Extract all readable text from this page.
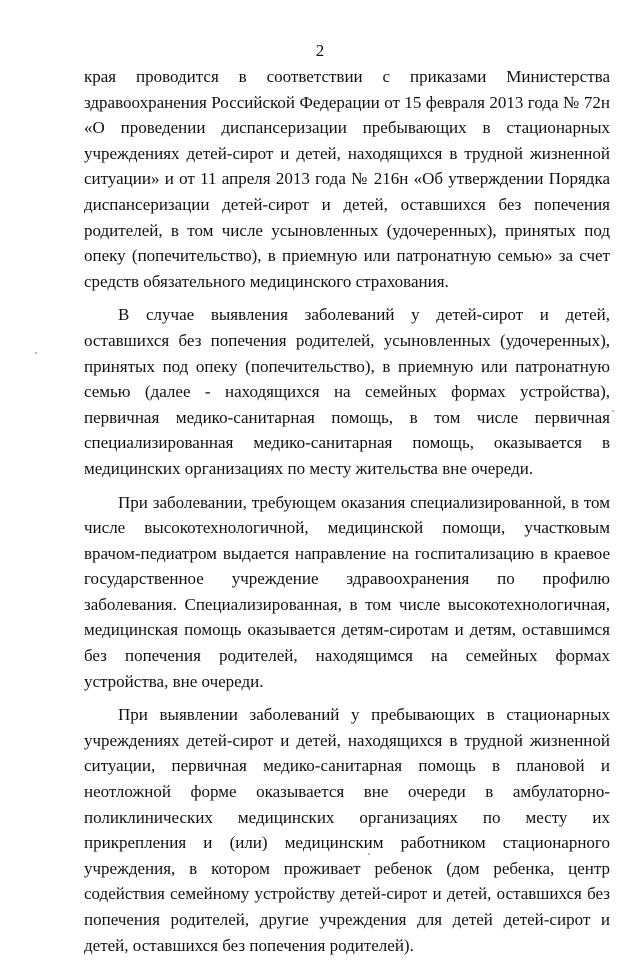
2

края проводится в соответствии с приказами Министерства здравоохранения Российской Федерации от 15 февраля 2013 года № 72н «О проведении диспансеризации пребывающих в стационарных учреждениях детей-сирот и детей, находящихся в трудной жизненной ситуации» и от 11 апреля 2013 года № 216н «Об утверждении Порядка диспансеризации детей-сирот и детей, оставшихся без попечения родителей, в том числе усыновленных (удочеренных), принятых под опеку (попечительство), в приемную или патронатную семью» за счет средств обязательного медицинского страхования.

В случае выявления заболеваний у детей-сирот и детей, оставшихся без попечения родителей, усыновленных (удочеренных), принятых под опеку (попечительство), в приемную или патронатную семью (далее - находящихся на семейных формах устройства), первичная медико-санитарная помощь, в том числе первичная специализированная медико-санитарная помощь, оказывается в медицинских организациях по месту жительства вне очереди.

При заболевании, требующем оказания специализированной, в том числе высокотехнологичной, медицинской помощи, участковым врачом-педиатром выдается направление на госпитализацию в краевое государственное учреждение здравоохранения по профилю заболевания. Специализированная, в том числе высокотехнологичная, медицинская помощь оказывается детям-сиротам и детям, оставшимся без попечения родителей, находящимся на семейных формах устройства, вне очереди.

При выявлении заболеваний у пребывающих в стационарных учреждениях детей-сирот и детей, находящихся в трудной жизненной ситуации, первичная медико-санитарная помощь в плановой и неотложной форме оказывается вне очереди в амбулаторно-поликлинических медицинских организациях по месту их прикрепления и (или) медицинским работником стационарного учреждения, в котором проживает ребенок (дом ребенка, центр содействия семейному устройству детей-сирот и детей, оставшихся без попечения родителей, другие учреждения для детей детей-сирот и детей, оставшихся без попечения родителей).
